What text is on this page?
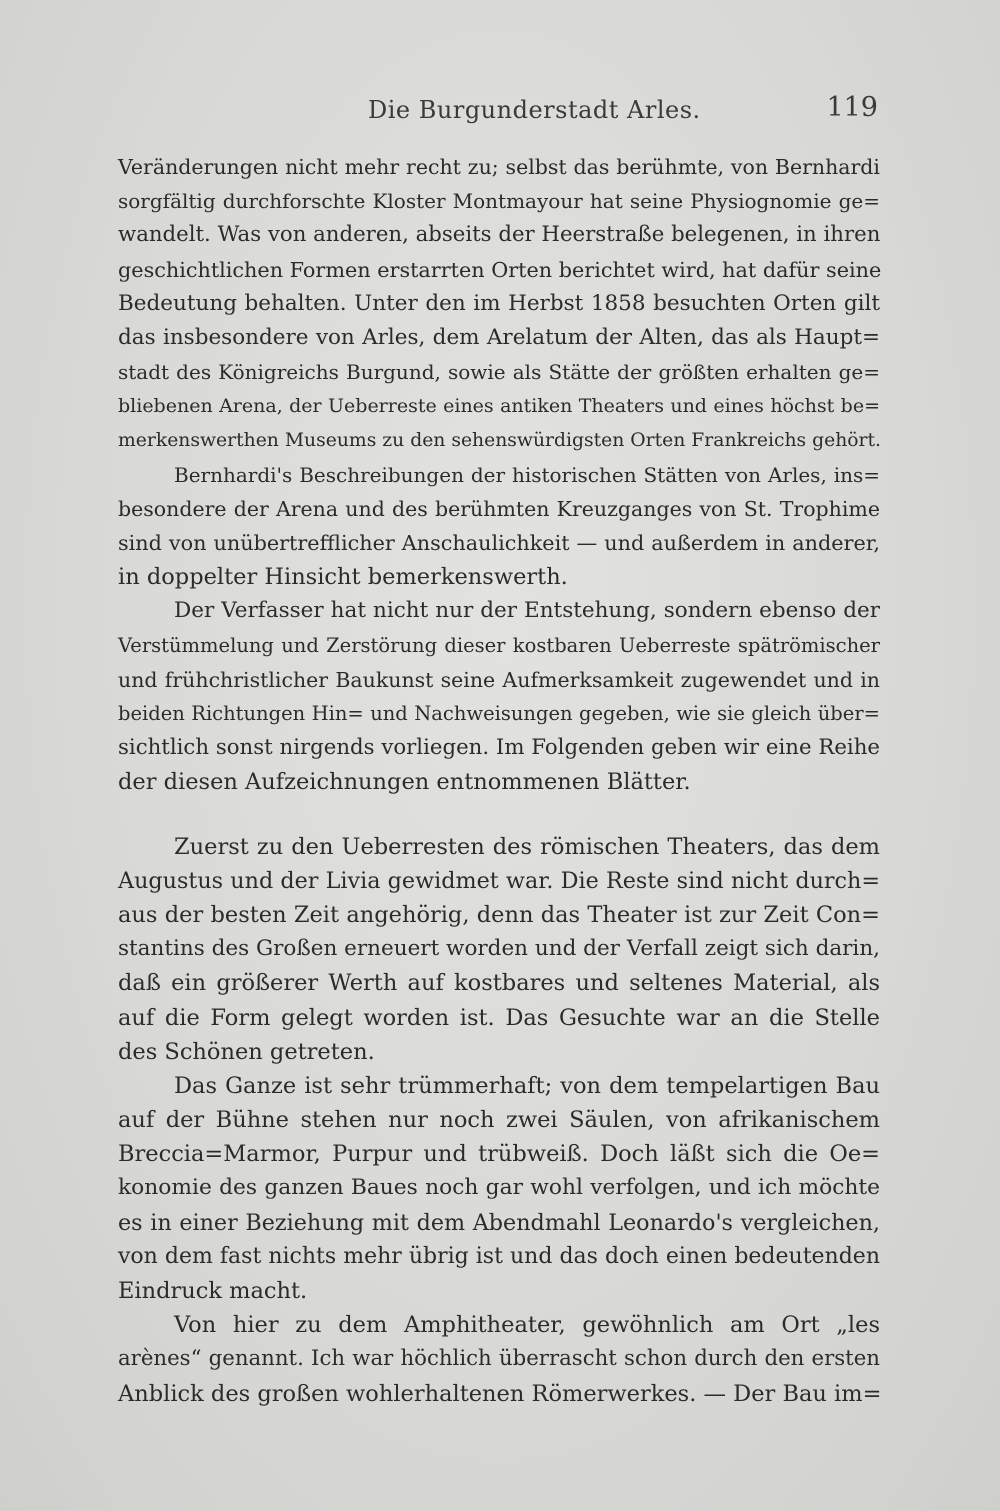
Die Burgunderstadt Arles.	119
Veränderungen nicht mehr recht zu; selbst das berühmte, von Bernhardi
sorgfältig durchforschte Kloster Montmayour hat seine Physiognomie ge=
wandelt. Was von anderen, abseits der Heerstraße belegenen, in ihren
geschichtlichen Formen erstarrten Orten berichtet wird, hat dafür seine
Bedeutung behalten. Unter den im Herbst 1858 besuchten Orten gilt
das insbesondere von Arles, dem Arelatum der Alten, das als Haupt=
stadt des Königreichs Burgund, sowie als Stätte der größten erhalten ge=
bliebenen Arena, der Ueberreste eines antiken Theaters und eines höchst be=
merkenswerthen Museums zu den sehenswürdigsten Orten Frankreichs gehört.
Bernhardi's Beschreibungen der historischen Stätten von Arles, ins=
besondere der Arena und des berühmten Kreuzganges von St. Trophime
sind von unübertrefflicher Anschaulichkeit — und außerdem in anderer,
in doppelter Hinsicht bemerkenswerth.
Der Verfasser hat nicht nur der Entstehung, sondern ebenso der
Verstümmelung und Zerstörung dieser kostbaren Ueberreste spätrömischer
und frühchristlicher Baukunst seine Aufmerksamkeit zugewendet und in
beiden Richtungen Hin= und Nachweisungen gegeben, wie sie gleich über=
sichtlich sonst nirgends vorliegen. Im Folgenden geben wir eine Reihe
der diesen Aufzeichnungen entnommenen Blätter.
Zuerst zu den Ueberresten des römischen Theaters, das dem
Augustus und der Livia gewidmet war. Die Reste sind nicht durch=
aus der besten Zeit angehörig, denn das Theater ist zur Zeit Con=
stantins des Großen erneuert worden und der Verfall zeigt sich darin,
daß ein größerer Werth auf kostbares und seltenes Material, als
auf die Form gelegt worden ist. Das Gesuchte war an die Stelle
des Schönen getreten.
Das Ganze ist sehr trümmerhaft; von dem tempelartigen Bau
auf der Bühne stehen nur noch zwei Säulen, von afrikanischem
Breccia=Marmor, Purpur und trübweiß. Doch läßt sich die Oe=
konomie des ganzen Baues noch gar wohl verfolgen, und ich möchte
es in einer Beziehung mit dem Abendmahl Leonardo's vergleichen,
von dem fast nichts mehr übrig ist und das doch einen bedeutenden
Eindruck macht.
Von hier zu dem Amphitheater, gewöhnlich am Ort „les
arènes“ genannt. Ich war höchlich überrascht schon durch den ersten
Anblick des großen wohlerhaltenen Römerwerkes. — Der Bau im=
